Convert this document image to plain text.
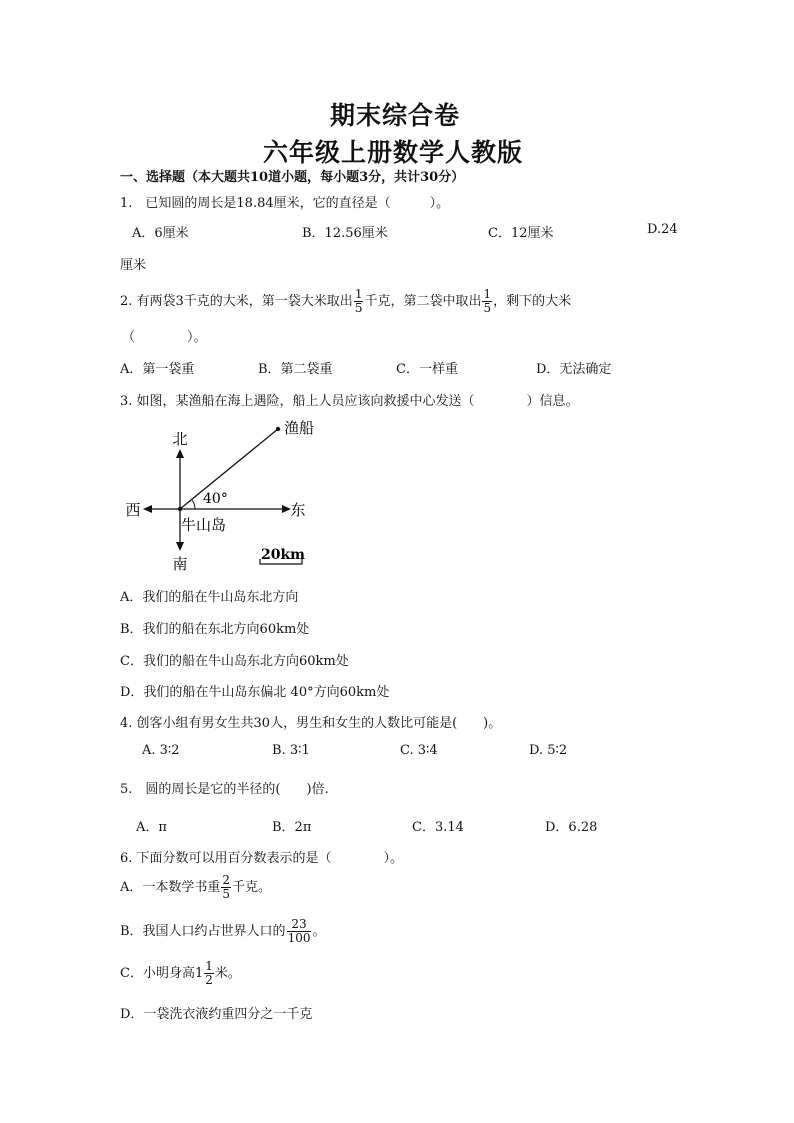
期末综合卷
六年级上册数学人教版
一、选择题（本大题共10道小题，每小题3分，共计30分）
1.　已知圆的周长是18.84厘米，它的直径是（　　　）。
A．6厘米	B．12.56厘米	C．12厘米	D.24
厘米
2. 有两袋3千克的大米，第一袋大米取出 $\frac{1}{5}$ 千克，第二袋中取出 $\frac{1}{5}$ ，剩下的大米
（　　　　）。
A．第一袋重	B．第二袋重	C．一样重	D．无法确定
3. 如图，某渔船在海上遇险，船上人员应该向救援中心发送（　　　　）信息。
北
南
西	东
渔船
牛山岛
40°
20km
A．我们的船在牛山岛东北方向
B．我们的船在东北方向60km处
C．我们的船在牛山岛东北方向60km处
D．我们的船在牛山岛东偏北 40°方向60km处
4. 创客小组有男女生共30人，男生和女生的人数比可能是(　　)。
A. 3∶2	B. 3∶1	C. 3∶4	D. 5∶2
5.　圆的周长是它的半径的(　　)倍.
A．π	B．2π	C．3.14	D．6.28
6. 下面分数可以用百分数表示的是（　　　　）。
A．一本数学书重 $\frac{2}{5}$ 千克。
B．我国人口约占世界人口的 $\frac{23}{100}$ 。
C．小明身高$1 \frac{1}{2}$ 米。
D．一袋洗衣液约重四分之一千克
